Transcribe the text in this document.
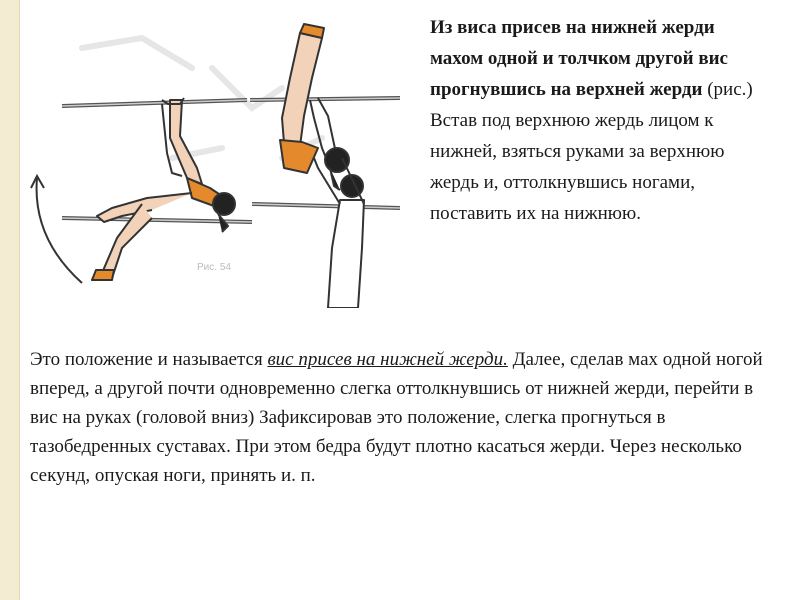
Рис. 54
Из виса присев на нижней жерди махом одной и толчком другой вис прогнувшись на верхней жерди (рис.) Встав под верхнюю жердь лицом к нижней, взяться руками за верхнюю жердь и, оттолкнувшись ногами, поставить их на нижнюю.
Это положение и называется вис присев на нижней жерди. Далее, сделав мах одной ногой вперед, а другой почти одновременно слегка оттолкнувшись от нижней жерди, перейти в вис на руках (головой вниз) Зафиксировав это положение, слегка прогнуться в тазобедренных суставах. При этом бедра будут плотно касаться жерди. Через несколько секунд, опуская ноги, принять и. п.
